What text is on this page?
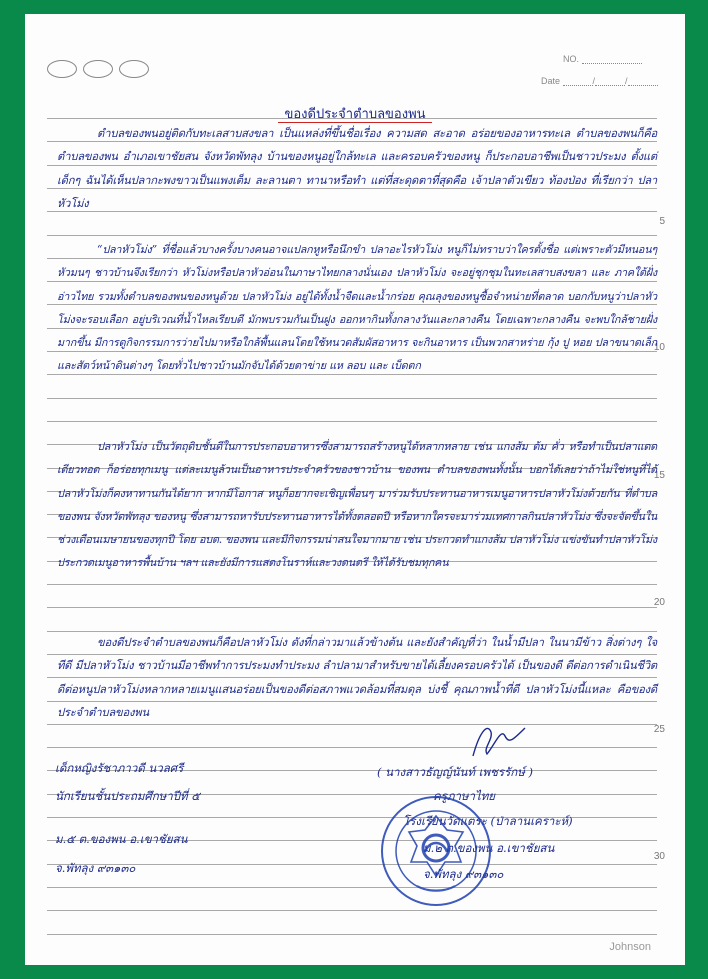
NO.
Date	/	/
5
10
15
20
25
30
ของดีประจำตำบลของพน
ตำบลของพนอยู่ติดกับทะเลสาบสงขลา เป็นแหล่งที่ขึ้นชื่อเรื่อง ความสด สะอาด อร่อยของอาหารทะเล ตำบลของพนก็คือ ตำบลของพน อำเภอเขาชัยสน จังหวัดพัทลุง บ้านของหนูอยู่ใกล้ทะเล และครอบครัวของหนู ก็ประกอบอาชีพเป็นชาวประมง ตั้งแต่เด็กๆ ฉันได้เห็นปลากะพงขาวเป็นแพงเต็ม ละลานตา ทานาหรือทำ แต่ที่สะดุดตาที่สุดคือ เจ้าปลาตัวเขียว ท้องป่อง ที่เรียกว่า ปลาหัวโม่ง
“ปลาหัวโม่ง” ที่ชื่อแล้วบางครั้งบางคนอาจแปลกหูหรือนึกขำ ปลาอะไรหัวโม่ง หนูก็ไม่ทราบว่าใครตั้งชื่อ แต่เพราะตัวมีหนอนๆ หัวมนๆ ชาวบ้านจึงเรียกว่า หัวโม่งหรือปลาหัวอ่อนในภาษาไทยกลางนั่นเอง ปลาหัวโม่ง จะอยู่ชุกชุมในทะเลสาบสงขลา และ ภาคใต้ฝั่งอ่าวไทย รวมทั้งตำบลของพนของหนูด้วย ปลาหัวโม่ง อยู่ได้ทั้งน้ำจืดและน้ำกร่อย คุณลุงของหนูซื้อจำหน่ายที่ตลาด บอกกับหนูว่าปลาหัวโม่งจะรอบเลือก อยู่บริเวณที่น้ำไหลเรียบดี มักพบรวมกันเป็นฝูง ออกหากินทั้งกลางวันและกลางคืน โดยเฉพาะกลางคืน จะพบใกล้ชายฝั่งมากขึ้น มีการดูกิจกรรมการว่ายไปมาหรือใกล้พื้นแลนโดยใช้หนวดสัมผัสอาหาร จะกินอาหาร เป็นพวกสาหร่าย กุ้ง ปู หอย ปลาขนาดเล็ก และสัตว์หน้าดินต่างๆ โดยทั่วไปชาวบ้านมักจับได้ด้วยตาข่าย แห ลอบ และ เบ็ดตก
ปลาหัวโม่ง เป็นวัตถุดิบชั้นดีในการประกอบอาหารซึ่งสามารถสร้างหนูได้หลากหลาย เช่น แกงส้ม ต้ม คั่ว หรือทำเป็นปลาแดดเดียวทอด ก็อร่อยทุกเมนู แต่ละเมนูล้วนเป็นอาหารประจำครัวของชาวบ้าน ของพน ตำบลของพนทั้งนั้น บอกได้เลยว่าถ้าไม่ใช่หนูที่ได้ปลาหัวโม่งก็คงหาทานกันได้ยาก หากมีโอกาส หนูก็อยากจะเชิญเพื่อนๆ มาร่วมรับประทานอาหารเมนูอาหารปลาหัวโม่งด้วยกัน ที่ตำบลของพน จังหวัดพัทลุง ของหนู ซึ่งสามารถหารับประทานอาหารได้ทั้งตลอดปี หรือหากใครจะมาร่วมเทศกาลกินปลาหัวโม่ง ซึ่งจะจัดขึ้นในช่วงเดือนเมษายนของทุกปี โดย อบต. ของพน และมีกิจกรรมน่าสนใจมากมาย เช่น ประกวดทำแกงส้ม ปลาหัวโม่ง แข่งขันทำปลาหัวโม่ง ประกวดเมนูอาหารพื้นบ้าน ฯลฯ และยังมีการแสดงโนราห์และวงดนตรี ให้ได้รับชมทุกคน
ของดีประจำตำบลของพนก็คือปลาหัวโม่ง ดังที่กล่าวมาแล้วข้างต้น และยังสำคัญที่ว่า ในน้ำมีปลา ในนามีข้าว สิ่งต่างๆ ใจทีดี มีปลาหัวโม่ง ชาวบ้านมีอาชีพทำการประมงทำประมง ลำปลามาสำหรับขายได้เลี้ยงครอบครัวได้ เป็นของดี ดีต่อการดำเนินชีวิต ดีต่อหนูปลาหัวโม่งหลากหลายเมนูแสนอร่อยเป็นของดีต่อสภาพแวดล้อมที่สมดุล บ่งชี้ คุณภาพน้ำที่ดี ปลาหัวโม่งนี้แหละ คือของดีประจำตำบลของพน
เด็กหญิงรัชาภาวดี นวลศรี
นักเรียนชั้นประถมศึกษาปีที่ ๕
ม.๕ ต.ของพน อ.เขาชัยสน
จ.พัทลุง ๙๓๑๓๐
( นางสาวธัญญ์นันท์ เพชรรักษ์ )
ครูภาษาไทย
โรงเรียนวัดแตระ (ป่าลานเคราะห์)
ม.๒ ต.ของพน อ.เขาชัยสน
จ.พัทลุง ๙๓๑๓๐
Johnson
